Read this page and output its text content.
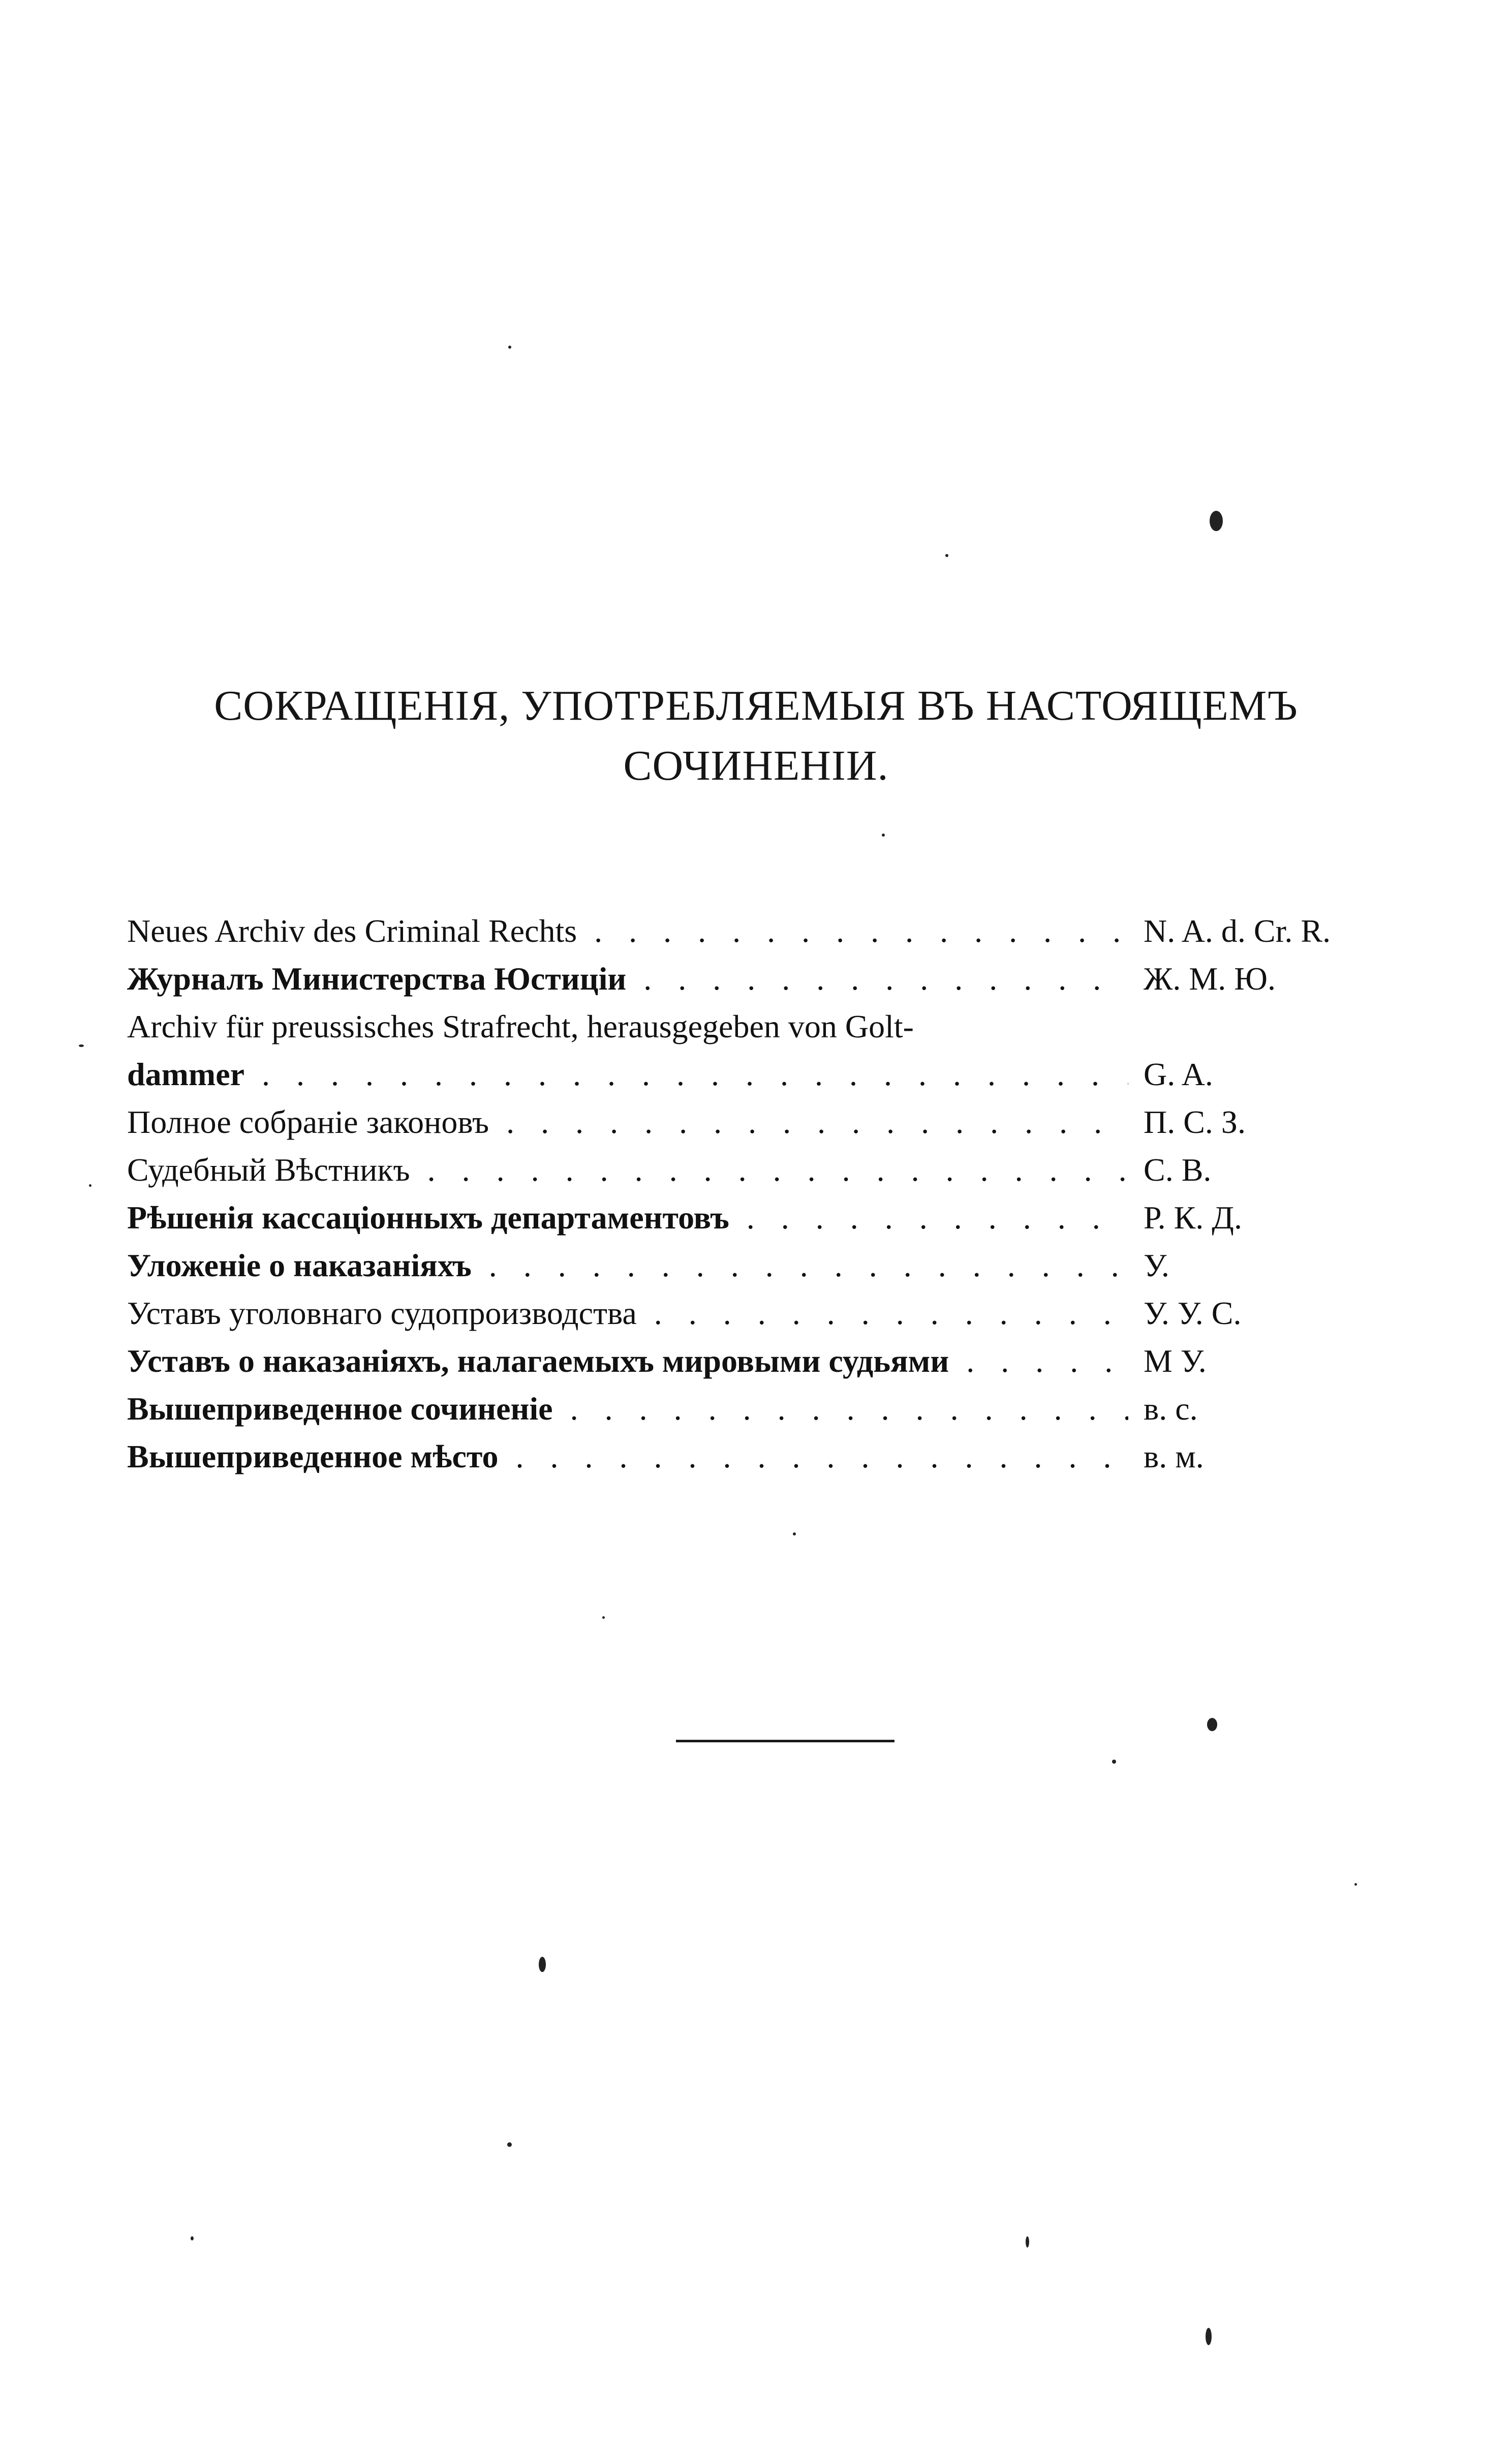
СОКРАЩЕНІЯ, УПОТРЕБЛЯЕМЫЯ ВЪ НАСТОЯЩЕМЪ
СОЧИНЕНІИ.
Neues Archiv des Criminal Rechts . . .	N. A. d. Cr. R.
Журналъ Министерства Юстиціи . . .	Ж. М. Ю.
Archiv für preussisches Strafrecht, herausgegeben von Golt-
dammer . . .	G. A.
Полное собраніе законовъ . . .	П. С. З.
Судебный Вѣстникъ . . .	С. В.
Рѣшенія кассаціонныхъ департаментовъ . . .	Р. К. Д.
Уложеніе о наказаніяхъ . . .	У.
Уставъ уголовнаго судопроизводства . . .	У. У. С.
Уставъ о наказаніяхъ, налагаемыхъ мировыми судьями . . .	М У.
Вышеприведенное сочиненіе . . .	в. с.
Вышеприведенное мѣсто . . .	в. м.
